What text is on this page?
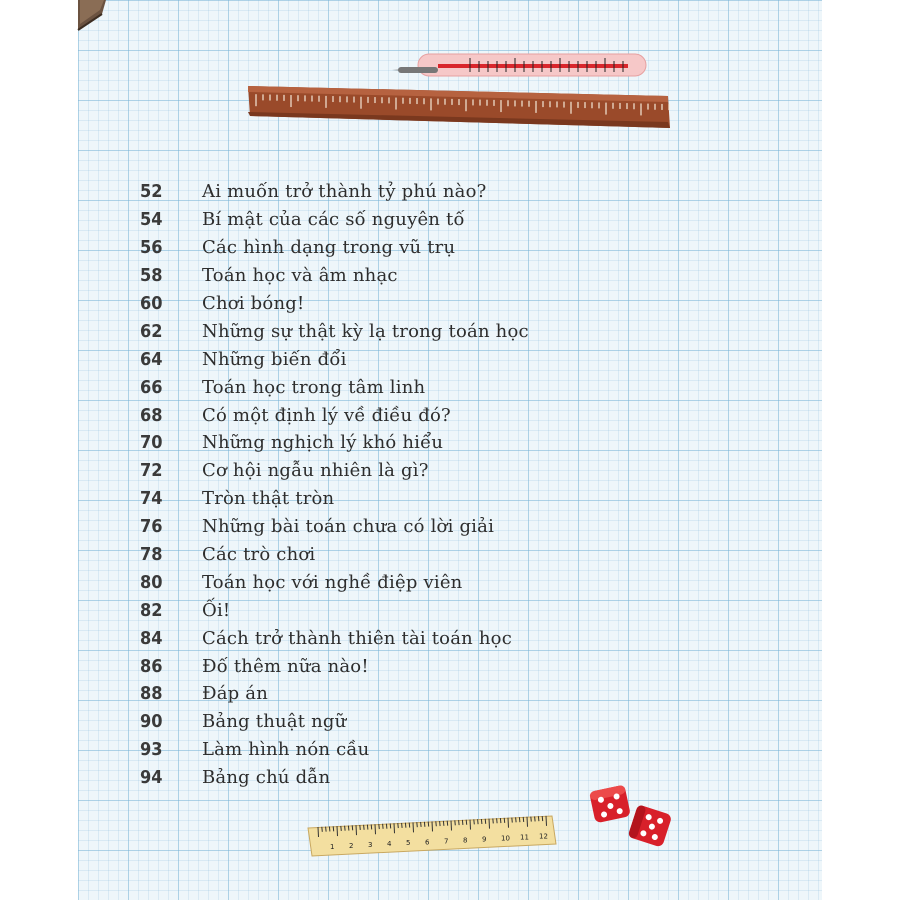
52	Ai muốn trở thành tỷ phú nào?
54	Bí mật của các số nguyên tố
56	Các hình dạng trong vũ trụ
58	Toán học và âm nhạc
60	Chơi bóng!
62	Những sự thật kỳ lạ trong toán học
64	Những biến đổi
66	Toán học trong tâm linh
68	Có một định lý về điều đó?
70	Những nghịch lý khó hiểu
72	Cơ hội ngẫu nhiên là gì?
74	Tròn thật tròn
76	Những bài toán chưa có lời giải
78	Các trò chơi
80	Toán học với nghề điệp viên
82	Ối!
84	Cách trở thành thiên tài toán học
86	Đố thêm nữa nào!
88	Đáp án
90	Bảng thuật ngữ
93	Làm hình nón cầu
94	Bảng chú dẫn
1 2 3 4 5 6 7 8 9 10 11 12
